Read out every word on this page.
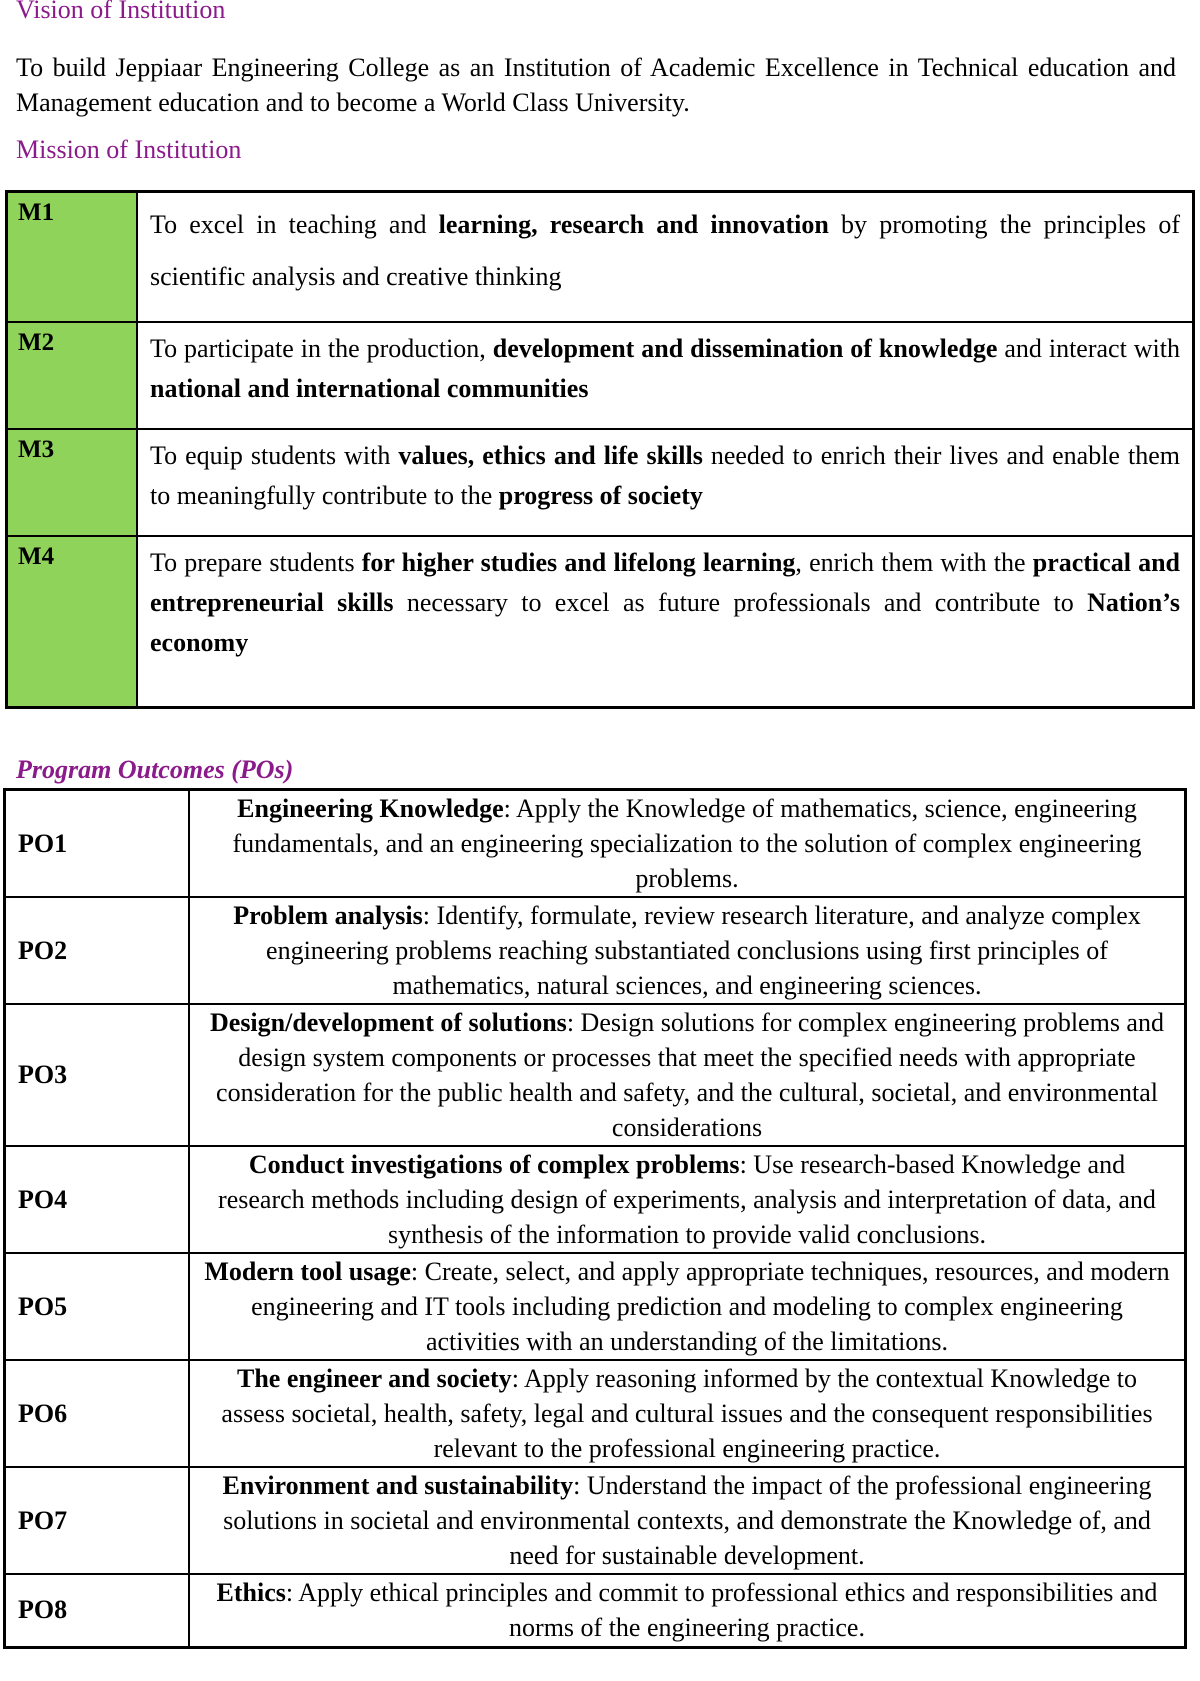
Vision of Institution

To build Jeppiaar Engineering College as an Institution of Academic Excellence in Technical education and Management education and to become a World Class University.

Mission of Institution
M1	To excel in teaching and learning, research and innovation by promoting the principles of scientific analysis and creative thinking
M2	To participate in the production, development and dissemination of knowledge and interact with national and international communities
M3	To equip students with values, ethics and life skills needed to enrich their lives and enable them to meaningfully contribute to the progress of society
M4	To prepare students for higher studies and lifelong learning, enrich them with the practical and entrepreneurial skills necessary to excel as future professionals and contribute to Nation’s economy
Program Outcomes (POs)
PO1	Engineering Knowledge: Apply the Knowledge of mathematics, science, engineering fundamentals, and an engineering specialization to the solution of complex engineering problems.
PO2	Problem analysis: Identify, formulate, review research literature, and analyze complex engineering problems reaching substantiated conclusions using first principles of mathematics, natural sciences, and engineering sciences.
PO3	Design/development of solutions: Design solutions for complex engineering problems and design system components or processes that meet the specified needs with appropriate consideration for the public health and safety, and the cultural, societal, and environmental considerations
PO4	Conduct investigations of complex problems: Use research-based Knowledge and research methods including design of experiments, analysis and interpretation of data, and synthesis of the information to provide valid conclusions.
PO5	Modern tool usage: Create, select, and apply appropriate techniques, resources, and modern engineering and IT tools including prediction and modeling to complex engineering activities with an understanding of the limitations.
PO6	The engineer and society: Apply reasoning informed by the contextual Knowledge to assess societal, health, safety, legal and cultural issues and the consequent responsibilities relevant to the professional engineering practice.
PO7	Environment and sustainability: Understand the impact of the professional engineering solutions in societal and environmental contexts, and demonstrate the Knowledge of, and need for sustainable development.
PO8	Ethics: Apply ethical principles and commit to professional ethics and responsibilities and norms of the engineering practice.
